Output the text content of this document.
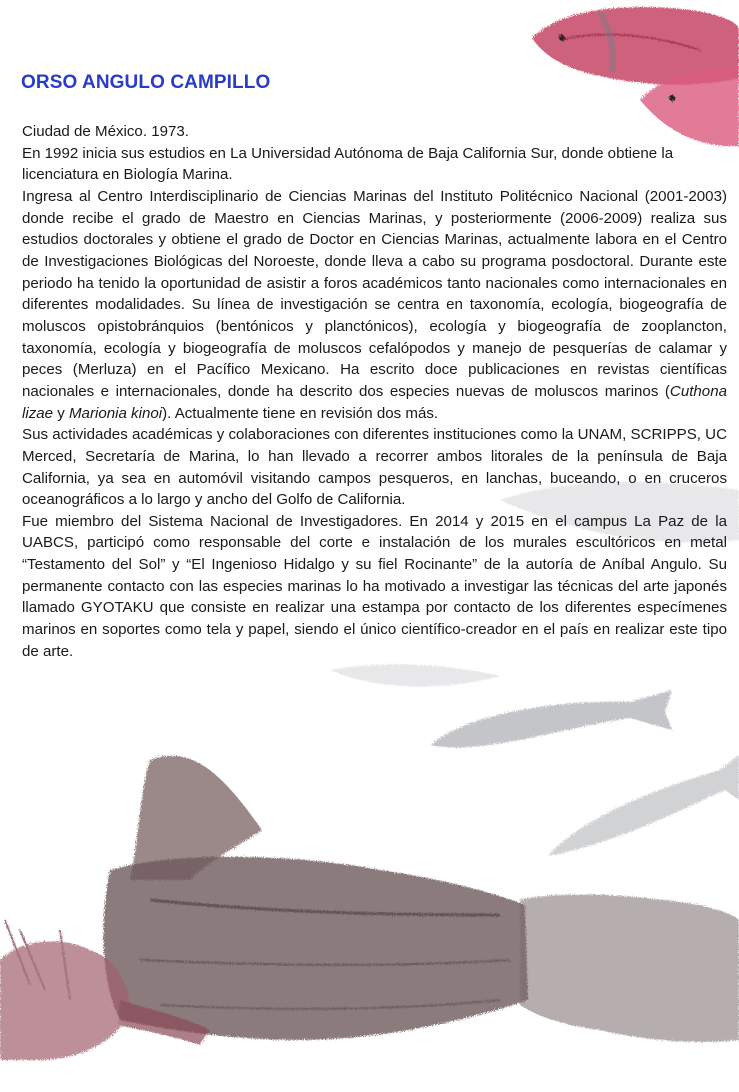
ORSO ANGULO CAMPILLO

Ciudad de México. 1973.

En 1992 inicia sus estudios en La Universidad Autónoma de Baja California Sur, donde obtiene la licenciatura en Biología Marina.

Ingresa al Centro Interdisciplinario de Ciencias Marinas del Instituto Politécnico Nacional (2001-2003) donde recibe el grado de Maestro en Ciencias Marinas, y posteriormente (2006-2009) realiza sus estudios doctorales y obtiene el grado de Doctor en Ciencias Marinas, actualmente labora en el Centro de Investigaciones Biológicas del Noroeste, donde lleva a cabo su programa posdoctoral. Durante este periodo ha tenido la oportunidad de asistir a foros académicos tanto nacionales como internacionales en diferentes modalidades. Su línea de investigación se centra en taxonomía, ecología, biogeografía de moluscos opistobránquios (bentónicos y planctónicos), ecología y biogeografía de zooplancton, taxonomía, ecología y biogeografía de moluscos cefalópodos y manejo de pesquerías de calamar y peces (Merluza) en el Pacífico Mexicano. Ha escrito doce publicaciones en revistas científicas nacionales e internacionales, donde ha descrito dos especies nuevas de moluscos marinos (Cuthona lizae y Marionia kinoi). Actualmente tiene en revisión dos más.

Sus actividades académicas y colaboraciones con diferentes instituciones como la UNAM, SCRIPPS, UC Merced, Secretaría de Marina, lo han llevado a recorrer ambos litorales de la península de Baja California, ya sea en automóvil visitando campos pesqueros, en lanchas, buceando, o en cruceros oceanográficos a lo largo y ancho del Golfo de California.

Fue miembro del Sistema Nacional de Investigadores. En 2014 y 2015 en el campus La Paz de la UABCS, participó como responsable del corte e instalación de los murales escultóricos en metal “Testamento del Sol” y “El Ingenioso Hidalgo y su fiel Rocinante” de la autoría de Aníbal Angulo. Su permanente contacto con las especies marinas lo ha motivado a investigar las técnicas del arte japonés llamado GYOTAKU que consiste en realizar una estampa por contacto de los diferentes especímenes marinos en soportes como tela y papel, siendo el único científico-creador en el país en realizar este tipo de arte.
